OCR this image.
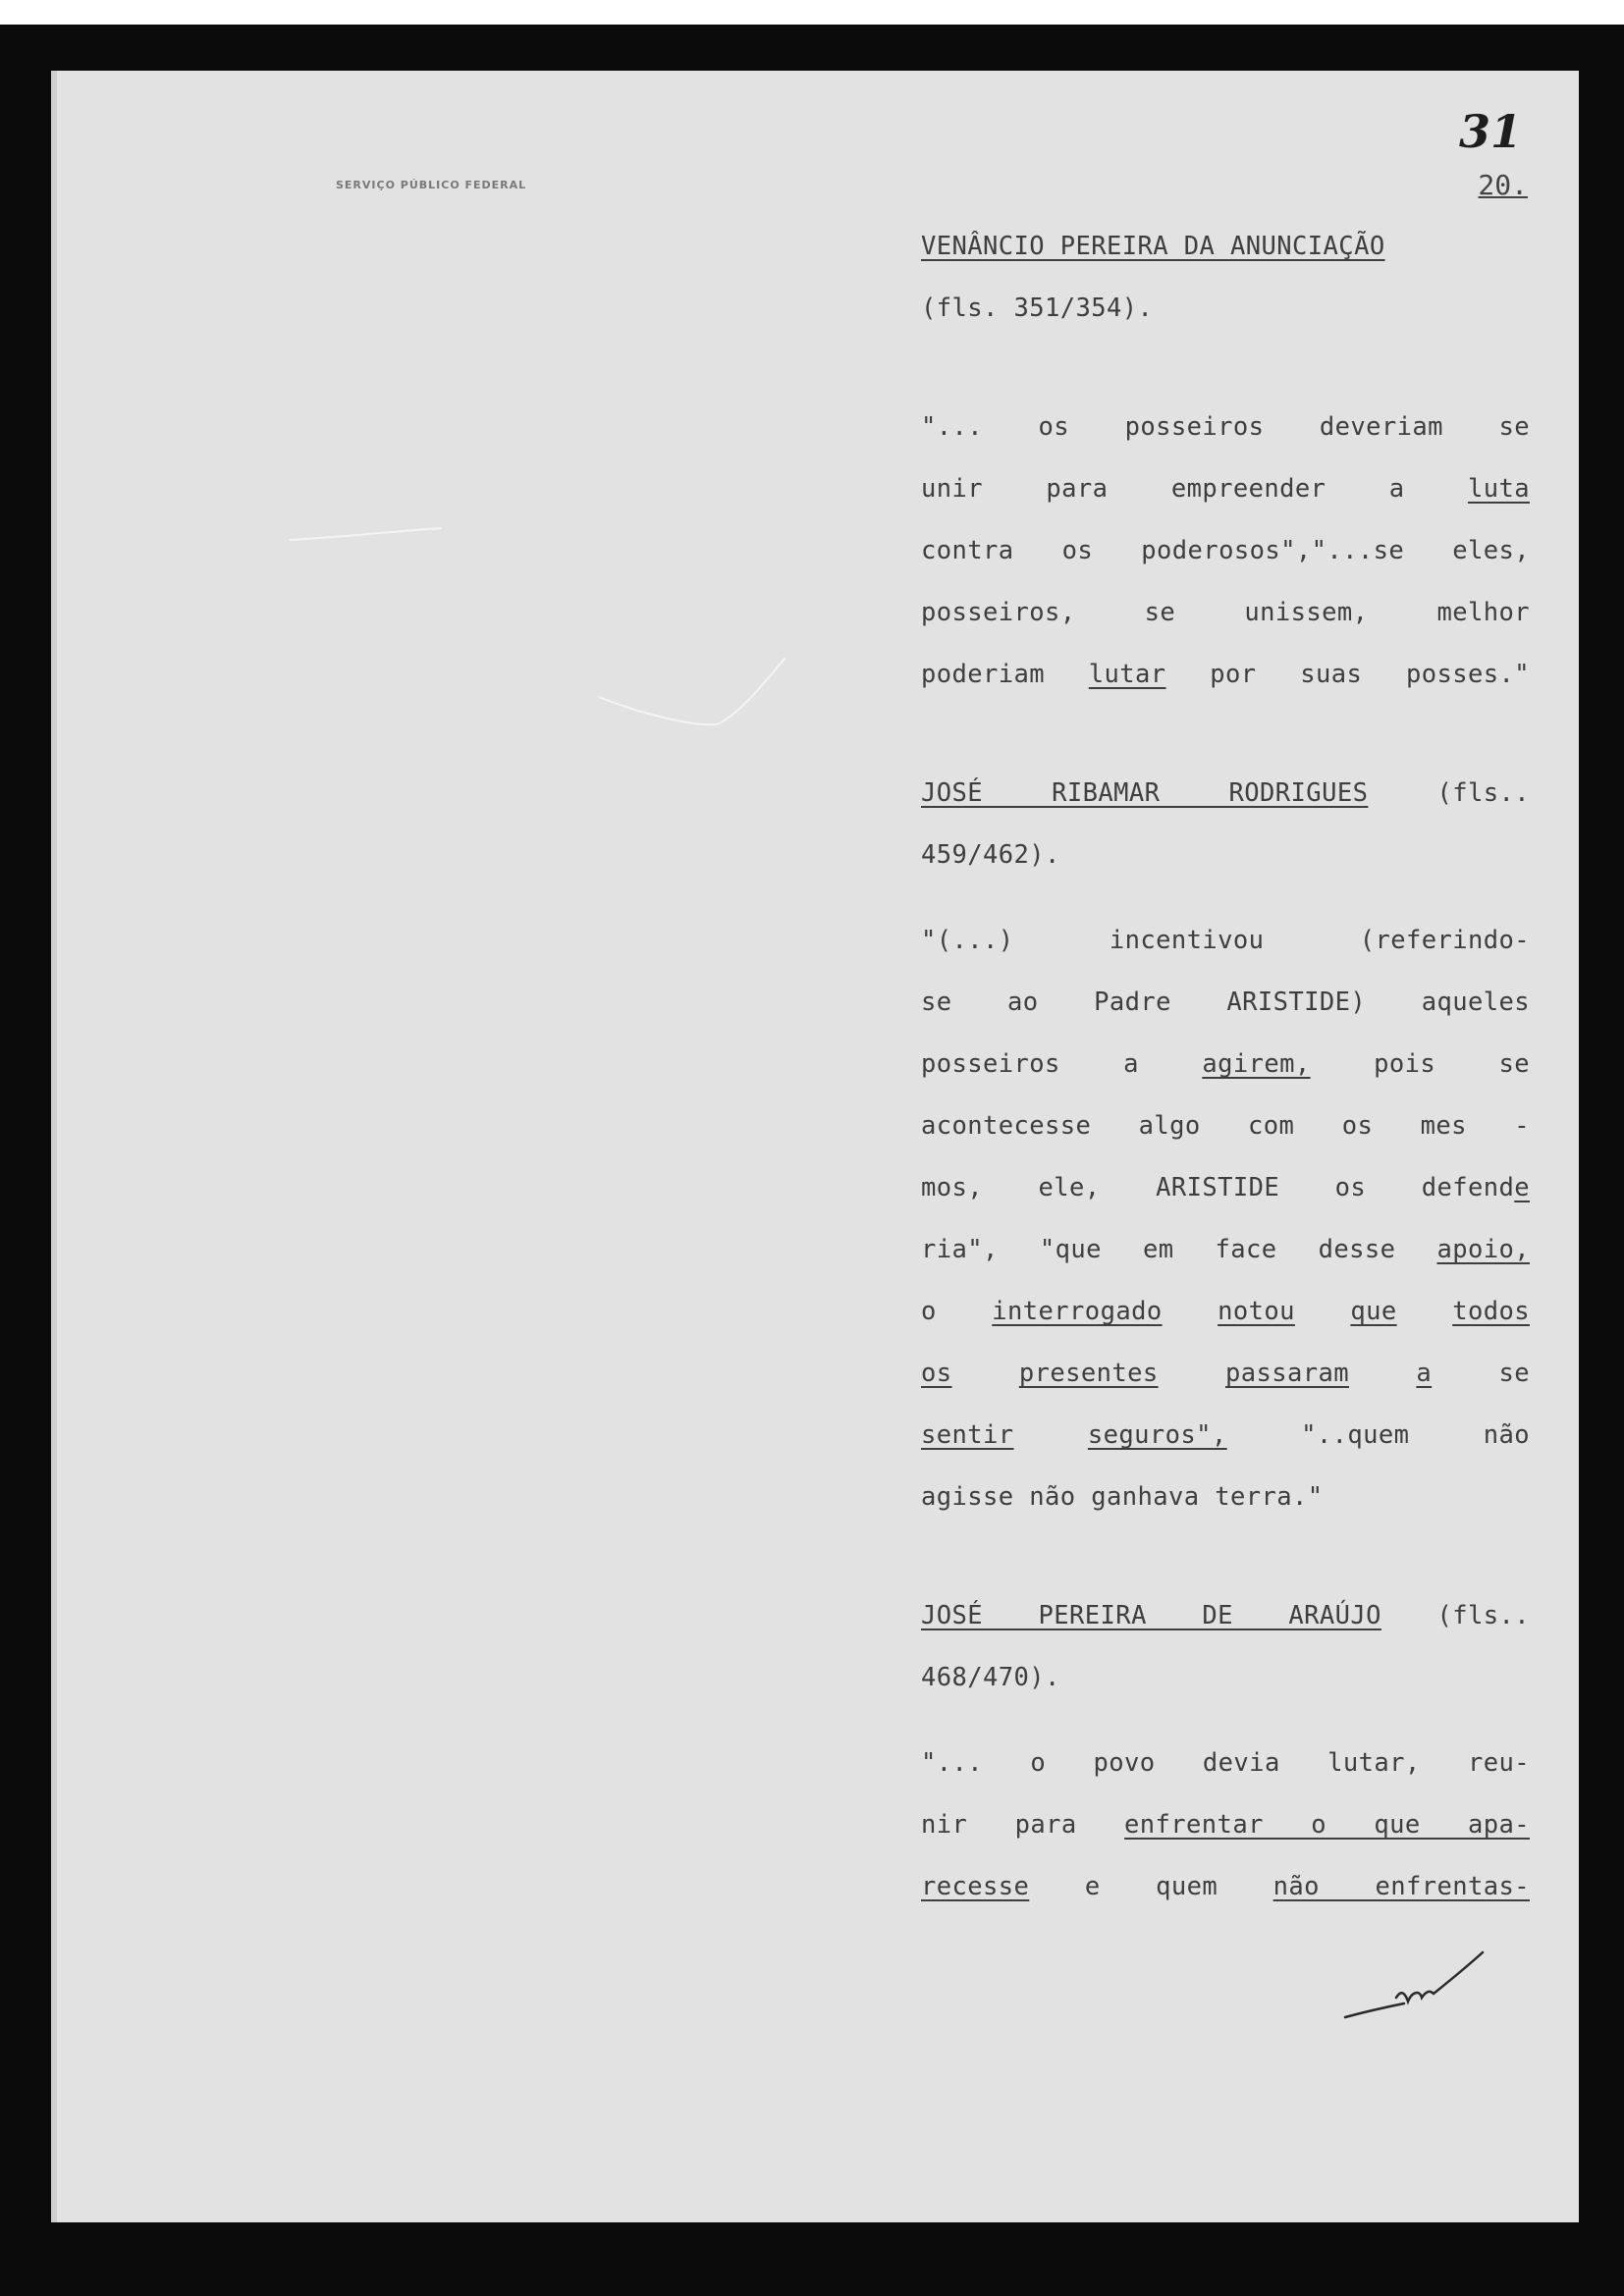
SERVIÇO PÚBLICO FEDERAL
31
20.
VENÂNCIO PEREIRA DA ANUNCIAÇÃO
(fls. 351/354).
"... os posseiros deveriam se
unir para empreender a	luta
contra os poderosos","...se eles,
posseiros, se unissem, melhor
poderiam lutar por suas posses."
JOSÉ RIBAMAR RODRIGUES	(fls..
459/462).
"(...) incentivou (referindo-
se ao Padre ARISTIDE) aqueles
posseiros a	agirem,	pois se
acontecesse algo com os mes -
mos, ele, ARISTIDE os defende
ria", "que em face desse apoio,
o interrogado notou que todos
os	presentes	passaram	a	se
sentir	seguros",	"..quem não
agisse não ganhava terra."
JOSÉ PEREIRA DE ARAÚJO (fls..
468/470).
"... o povo devia lutar, reu-
nir para enfrentar o que apa-
recesse e quem não enfrentas-
